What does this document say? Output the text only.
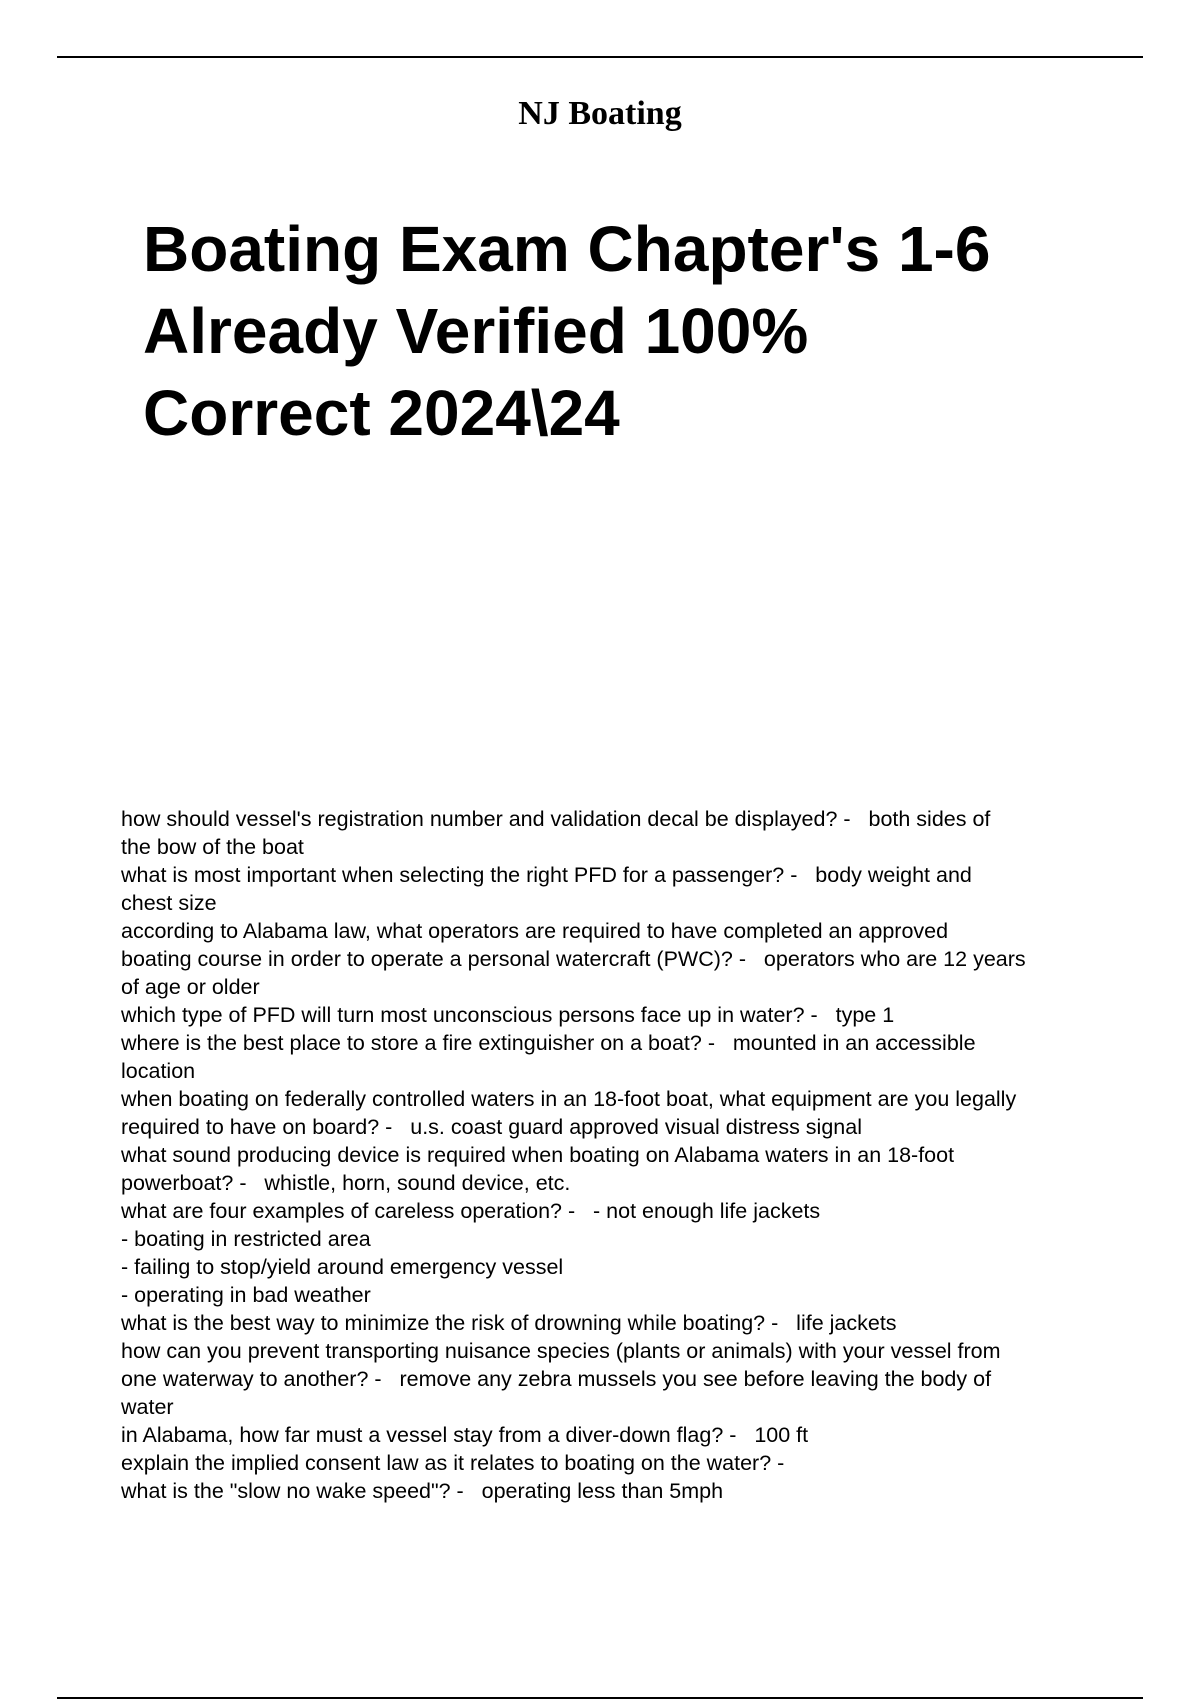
NJ Boating
Boating Exam Chapter's 1-6
Already Verified 100%
Correct 2024\24
how should vessel's registration number and validation decal be displayed? -   both sides of
the bow of the boat
what is most important when selecting the right PFD for a passenger? -   body weight and
chest size
according to Alabama law, what operators are required to have completed an approved
boating course in order to operate a personal watercraft (PWC)? -   operators who are 12 years
of age or older
which type of PFD will turn most unconscious persons face up in water? -   type 1
where is the best place to store a fire extinguisher on a boat? -   mounted in an accessible
location
when boating on federally controlled waters in an 18-foot boat, what equipment are you legally
required to have on board? -   u.s. coast guard approved visual distress signal
what sound producing device is required when boating on Alabama waters in an 18-foot
powerboat? -   whistle, horn, sound device, etc.
what are four examples of careless operation? -   - not enough life jackets
- boating in restricted area
- failing to stop/yield around emergency vessel
- operating in bad weather
what is the best way to minimize the risk of drowning while boating? -   life jackets
how can you prevent transporting nuisance species (plants or animals) with your vessel from
one waterway to another? -   remove any zebra mussels you see before leaving the body of
water
in Alabama, how far must a vessel stay from a diver-down flag? -   100 ft
explain the implied consent law as it relates to boating on the water? -
what is the "slow no wake speed"? -   operating less than 5mph
